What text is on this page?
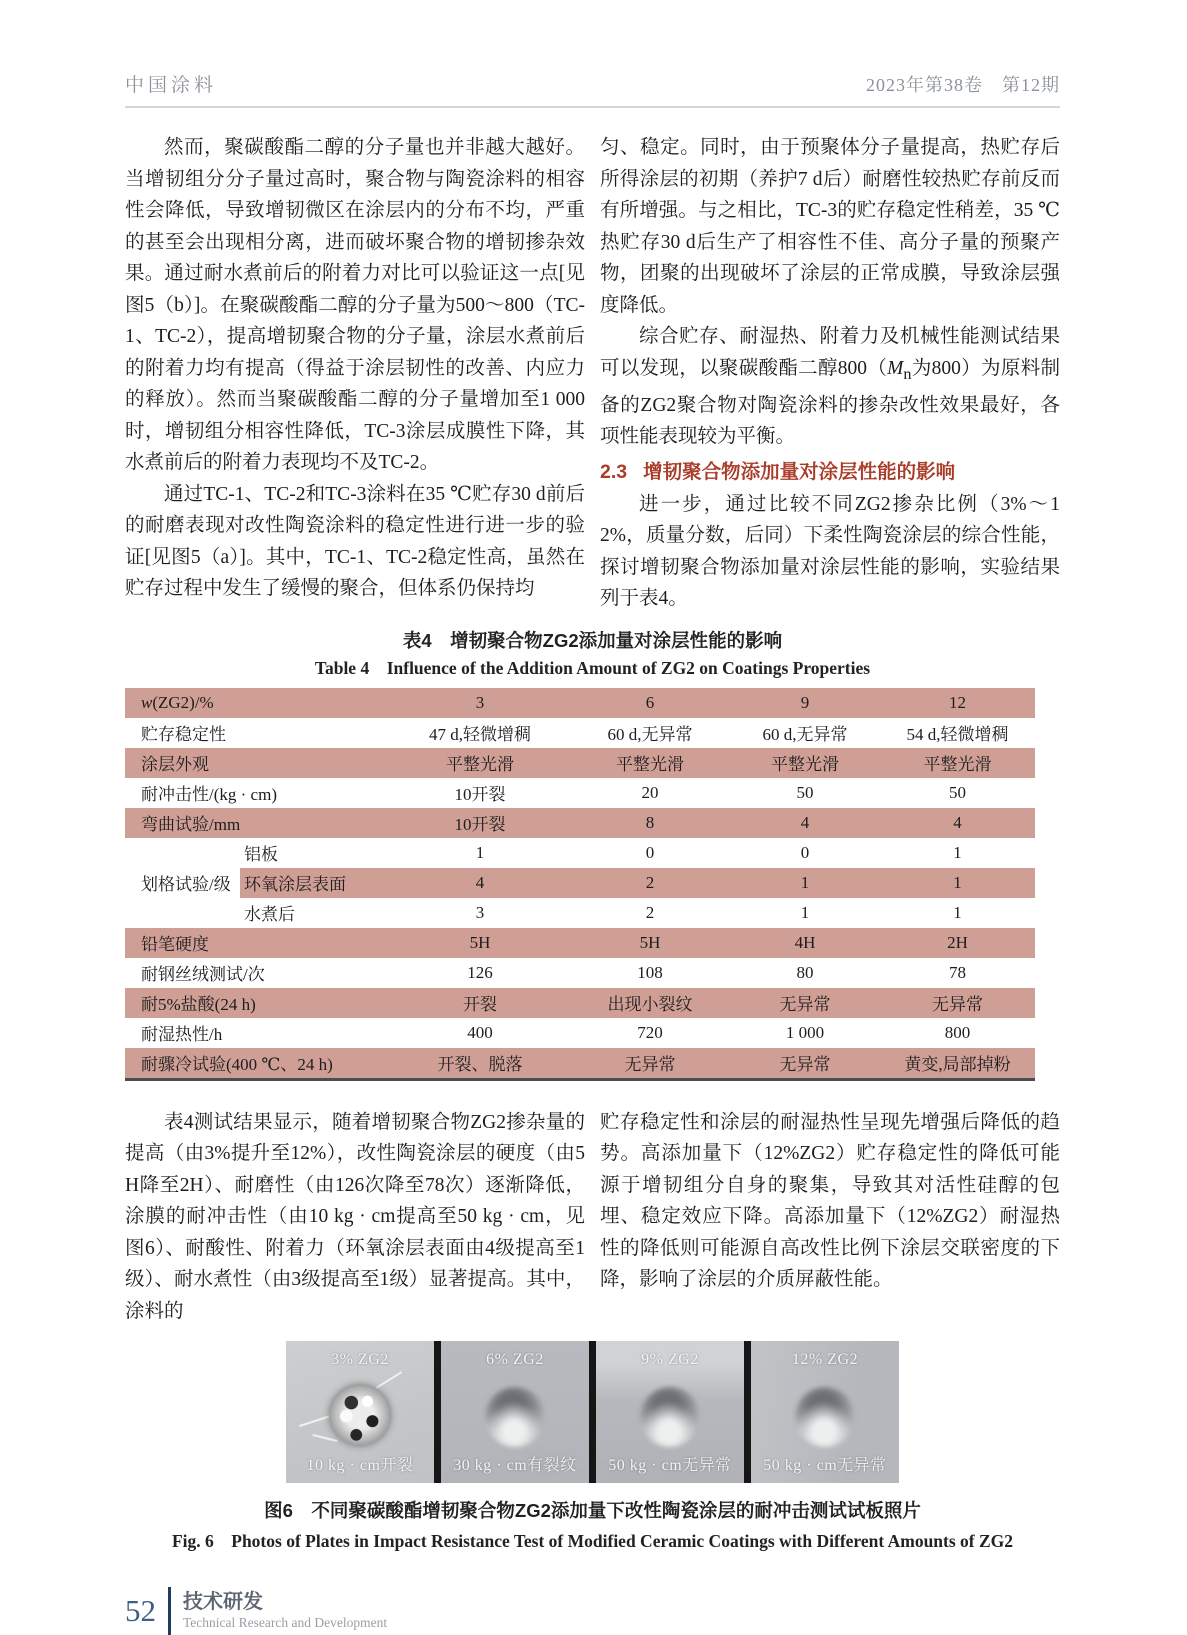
中国涂料	2023年第38卷　第12期

然而，聚碳酸酯二醇的分子量也并非越大越好。当增韧组分分子量过高时，聚合物与陶瓷涂料的相容性会降低，导致增韧微区在涂层内的分布不均，严重的甚至会出现相分离，进而破坏聚合物的增韧掺杂效果。通过耐水煮前后的附着力对比可以验证这一点[见图5（b）]。在聚碳酸酯二醇的分子量为500～800（TC-1、TC-2），提高增韧聚合物的分子量，涂层水煮前后的附着力均有提高（得益于涂层韧性的改善、内应力的释放）。然而当聚碳酸酯二醇的分子量增加至1 000时，增韧组分相容性降低，TC-3涂层成膜性下降，其水煮前后的附着力表现均不及TC-2。

通过TC-1、TC-2和TC-3涂料在35 ℃贮存30 d前后的耐磨表现对改性陶瓷涂料的稳定性进行进一步的验证[见图5（a）]。其中，TC-1、TC-2稳定性高，虽然在贮存过程中发生了缓慢的聚合，但体系仍保持均

匀、稳定。同时，由于预聚体分子量提高，热贮存后所得涂层的初期（养护7 d后）耐磨性较热贮存前反而有所增强。与之相比，TC-3的贮存稳定性稍差，35 ℃热贮存30 d后生产了相容性不佳、高分子量的预聚产物，团聚的出现破坏了涂层的正常成膜，导致涂层强度降低。

综合贮存、耐湿热、附着力及机械性能测试结果可以发现，以聚碳酸酯二醇$800(M_n$为800）为原料制备的ZG2聚合物对陶瓷涂料的掺杂改性效果最好，各项性能表现较为平衡。

2.3 增韧聚合物添加量对涂层性能的影响

进一步，通过比较不同ZG2掺杂比例（3%～12%，质量分数，后同）下柔性陶瓷涂层的综合性能，探讨增韧聚合物添加量对涂层性能的影响，实验结果列于表4。

表4　增韧聚合物ZG2添加量对涂层性能的影响
Table 4　Influence of the Addition Amount of ZG2 on Coatings Properties
w(ZG2)/%		3	6	9	12
贮存稳定性		47 d,轻微增稠	60 d,无异常	60 d,无异常	54 d,轻微增稠
涂层外观		平整光滑	平整光滑	平整光滑	平整光滑
耐冲击性/(kg · cm)		10开裂	20	50	50
弯曲试验/mm		10开裂	8	4	4
划格试验/级	铝板	1	0	0	1
	环氧涂层表面	4	2	1	1
	水煮后	3	2	1	1
铅笔硬度		5H	5H	4H	2H
耐钢丝绒测试/次		126	108	80	78
耐5%盐酸(24 h)		开裂	出现小裂纹	无异常	无异常
耐湿热性/h		400	720	1 000	800
耐骤冷试验(400 ℃、24 h)		开裂、脱落	无异常	无异常	黄变,局部掉粉

表4测试结果显示，随着增韧聚合物ZG2掺杂量的提高（由3%提升至12%），改性陶瓷涂层的硬度（由5H降至2H）、耐磨性（由126次降至78次）逐渐降低，涂膜的耐冲击性（由10 kg · cm提高至50 kg · cm，见图6）、耐酸性、附着力（环氧涂层表面由4级提高至1级）、耐水煮性（由3级提高至1级）显著提高。其中，涂料的

贮存稳定性和涂层的耐湿热性呈现先增强后降低的趋势。高添加量下（12%ZG2）贮存稳定性的降低可能源于增韧组分自身的聚集，导致其对活性硅醇的包埋、稳定效应下降。高添加量下（12%ZG2）耐湿热性的降低则可能源自高改性比例下涂层交联密度的下降，影响了涂层的介质屏蔽性能。

3% ZG2
10 kg · cm开裂
6% ZG2
30 kg · cm有裂纹
9% ZG2
50 kg · cm无异常
12% ZG2
50 kg · cm无异常
图6　不同聚碳酸酯增韧聚合物ZG2添加量下改性陶瓷涂层的耐冲击测试试板照片
Fig. 6　Photos of Plates in Impact Resistance Test of Modified Ceramic Coatings with Different Amounts of ZG2
52 技术研发
Technical Research and Development
